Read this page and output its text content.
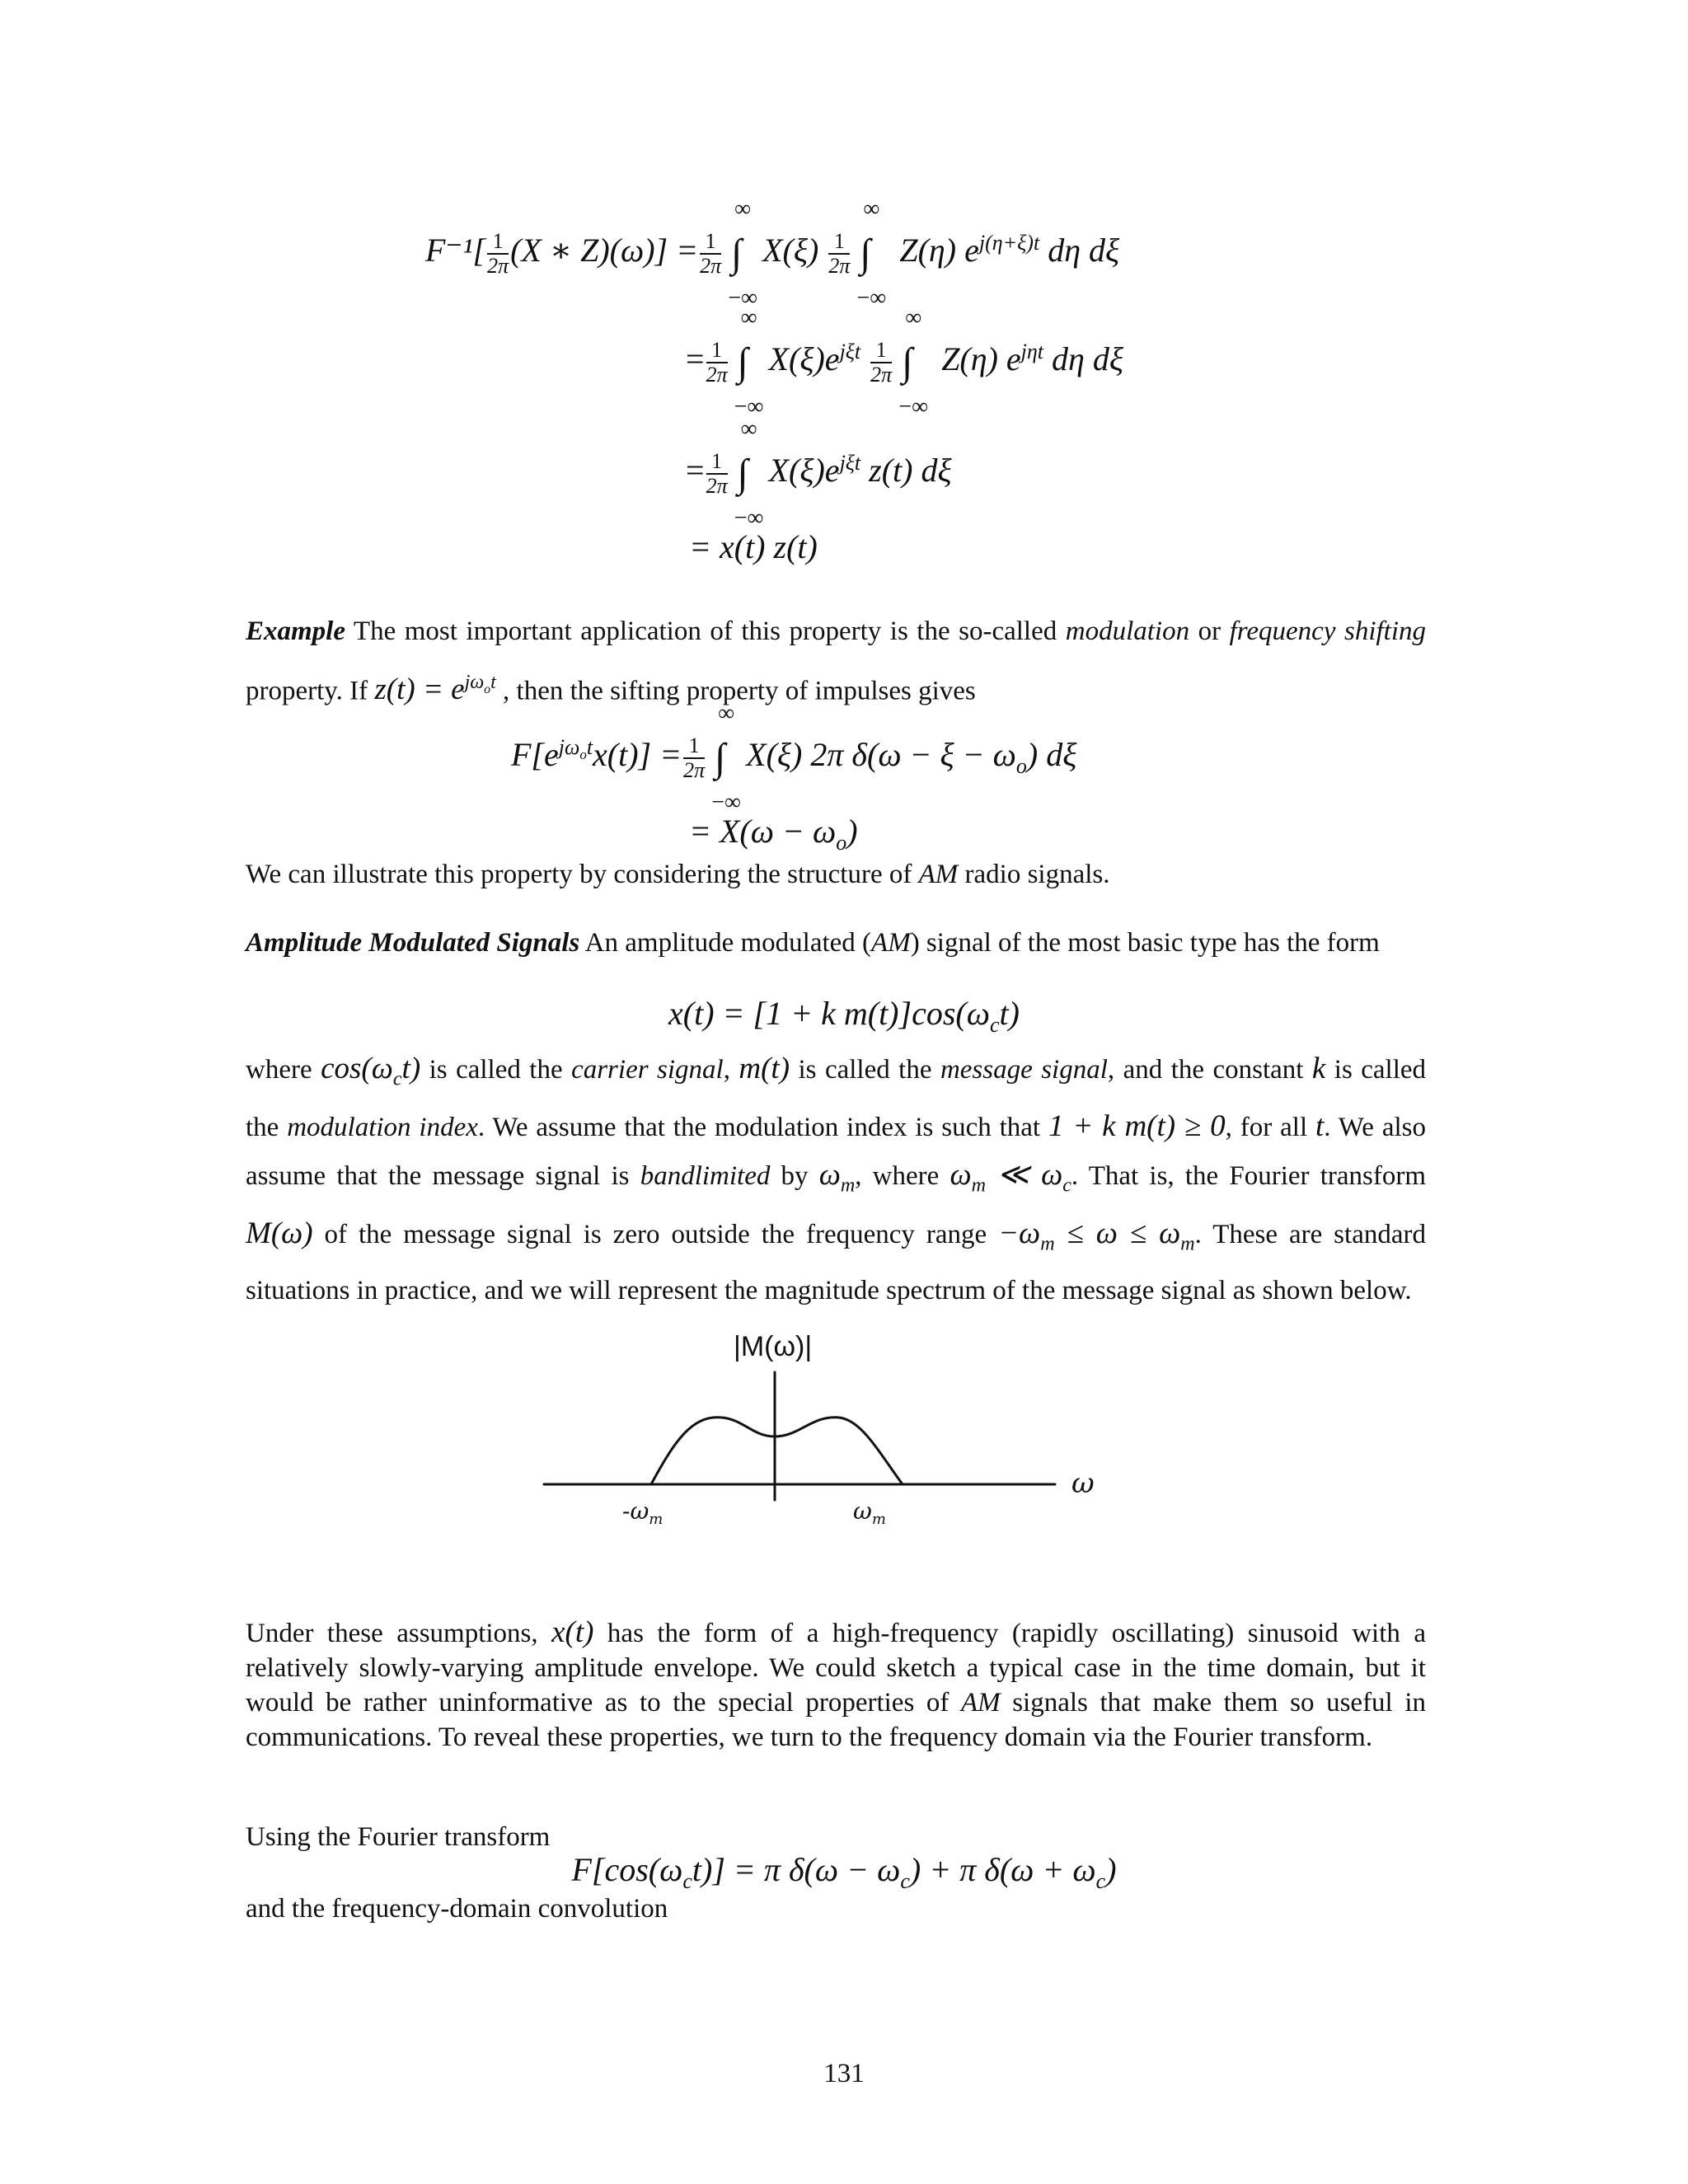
$F^{-1}[ \frac{1}{2\pi} (X$ ∗ $Z)(\omega)] = \frac{1}{2\pi}$
∞
∫
−∞
$X(\xi) \frac{1}{2\pi}$
∞
∫
−∞
Z(η) $e^{j(\eta+\xi)t}$ dη dξ
= $\frac{1}{2\pi}$
∞
∫
−∞
$X(\xi)e^{j\xi t} \frac{1}{2\pi}$
∞
∫
−∞
Z(η) $e^{j\eta t}$ dη dξ
= $\frac{1}{2\pi}$
∞
∫
−∞
$X(\xi)e^{j\xi t}$ z(t) dξ
= x(t) z(t)
Example The most important application of this property is the so-called modulation or frequency shifting property. If $z(t) = e^{j\omega_ot}$ , then the sifting property of impulses gives
$F[e^{j\omega_ot}x(t)] = \frac{1}{2\pi}$
∞
∫
−∞
X(ξ) 2π $\delta(\omega - \xi - \omega_o)$ dξ
= $X(\omega - \omega_o)$
We can illustrate this property by considering the structure of AM radio signals.
Amplitude Modulated Signals An amplitude modulated (AM) signal of the most basic type has the form
x(t) = [1 + k $m(t)]\cos(\omega_ct)$
where $\cos(\omega_ct)$ is called the carrier signal, m(t) is called the message signal, and the constant k is called the modulation index. We assume that the modulation index is such that 1 + k m(t) ≥ 0, for all t. We also assume that the message signal is bandlimited by $\omega_m$, where $\omega_m$ ≪ $\omega_c$. That is, the Fourier transform M(ω) of the message signal is zero outside the frequency range $-\omega_m \le \omega \le \omega_m$. These are standard situations in practice, and we will represent the magnitude spectrum of the message signal as shown below.
|M(ω)|
ω
$-\omega_m$	$\omega_m$
Under these assumptions, x(t) has the form of a high-frequency (rapidly oscillating) sinusoid with a relatively slowly-varying amplitude envelope. We could sketch a typical case in the time domain, but it would be rather uninformative as to the special properties of AM signals that make them so useful in communications. To reveal these properties, we turn to the frequency domain via the Fourier transform.
Using the Fourier transform
$F[\cos(\omega_ct)] = \pi$ $\delta(\omega - \omega_c) + \pi$ $\delta(\omega + \omega_c)$
and the frequency-domain convolution
131
